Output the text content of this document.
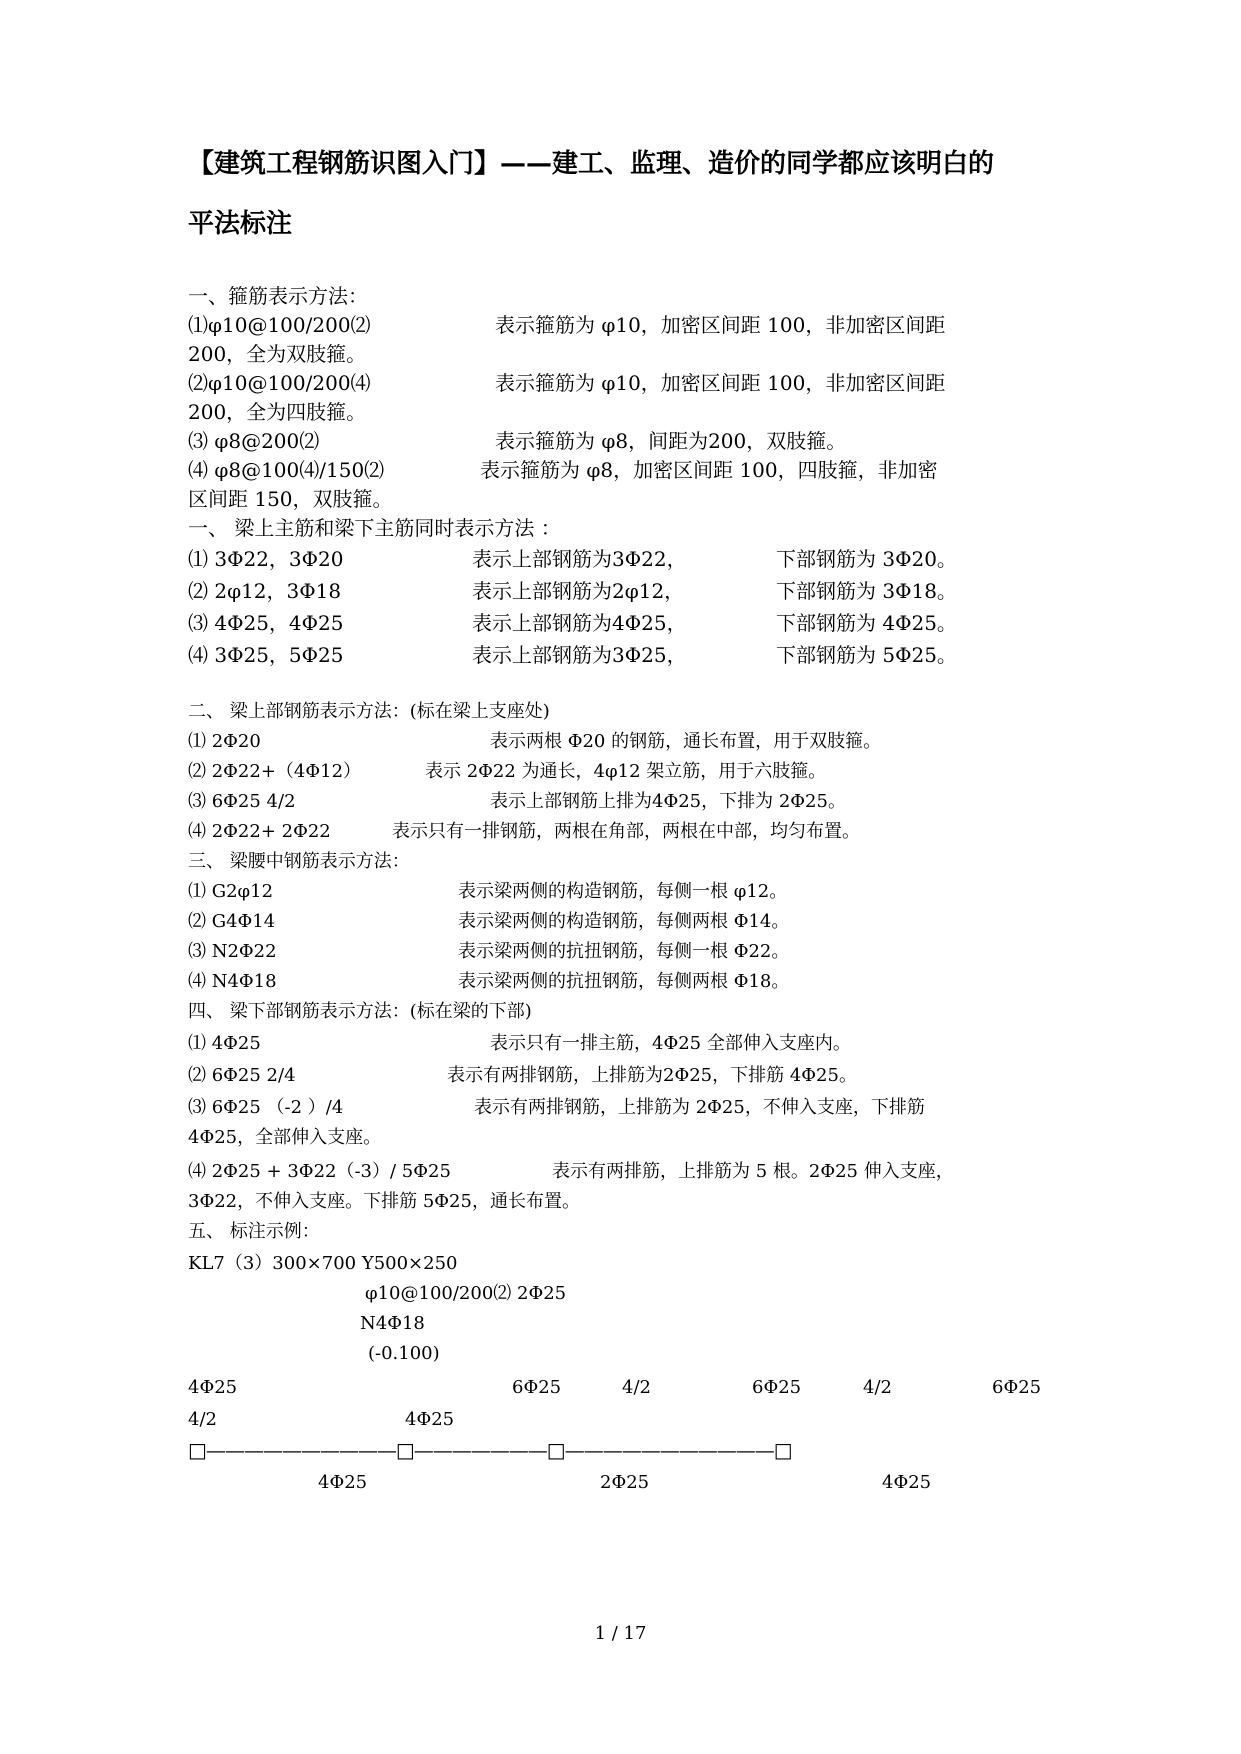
【建筑工程钢筋识图入门】——建工、监理、造价的同学都应该明白的
平法标注
一、箍筋表示方法：
⑴φ10@100/200⑵	表示箍筋为 φ10，加密区间距 100，非加密区间距
200，全为双肢箍。
⑵φ10@100/200⑷	表示箍筋为 φ10，加密区间距 100，非加密区间距
200，全为四肢箍。
⑶ φ8@200⑵	表示箍筋为 φ8，间距为200，双肢箍。
⑷ φ8@100⑷/150⑵	表示箍筋为 φ8，加密区间距 100，四肢箍，非加密
区间距 150，双肢箍。
一、 梁上主筋和梁下主筋同时表示方法 ：
⑴ 3Φ22，3Φ20	表示上部钢筋为3Φ22，	下部钢筋为 3Φ20。
⑵ 2φ12，3Φ18	表示上部钢筋为2φ12，	下部钢筋为 3Φ18。
⑶ 4Φ25，4Φ25	表示上部钢筋为4Φ25，	下部钢筋为 4Φ25。
⑷ 3Φ25，5Φ25	表示上部钢筋为3Φ25，	下部钢筋为 5Φ25。
二、 梁上部钢筋表示方法：(标在梁上支座处)
⑴ 2Φ20	表示两根 Φ20 的钢筋，通长布置，用于双肢箍。
⑵ 2Φ22+（4Φ12）	表示 2Φ22 为通长，4φ12 架立筋，用于六肢箍。
⑶ 6Φ25 4/2	表示上部钢筋上排为4Φ25，下排为 2Φ25。
⑷ 2Φ22+ 2Φ22	表示只有一排钢筋，两根在角部，两根在中部，均匀布置。
三、 梁腰中钢筋表示方法：
⑴ G2φ12	表示梁两侧的构造钢筋，每侧一根 φ12。
⑵ G4Φ14	表示梁两侧的构造钢筋，每侧两根 Φ14。
⑶ N2Φ22	表示梁两侧的抗扭钢筋，每侧一根 Φ22。
⑷ N4Φ18	表示梁两侧的抗扭钢筋，每侧两根 Φ18。
四、 梁下部钢筋表示方法：(标在梁的下部)
⑴ 4Φ25	表示只有一排主筋，4Φ25 全部伸入支座内。
⑵ 6Φ25 2/4	表示有两排钢筋，上排筋为2Φ25，下排筋 4Φ25。
⑶ 6Φ25 （-2 ）/4	表示有两排钢筋，上排筋为 2Φ25，不伸入支座，下排筋
4Φ25，全部伸入支座。
⑷ 2Φ25 + 3Φ22（-3）/ 5Φ25	表示有两排筋，上排筋为 5 根。2Φ25 伸入支座，
3Φ22，不伸入支座。下排筋 5Φ25，通长布置。
五、 标注示例：
KL7（3）300×700 Y500×250
φ10@100/200⑵ 2Φ25
N4Φ18
(-0.100)
4Φ25	6Φ25	4/2	6Φ25	4/2	6Φ25
4/2	4Φ25
□——————————□———————□———————————□
4Φ25	2Φ25	4Φ25
1 / 17
